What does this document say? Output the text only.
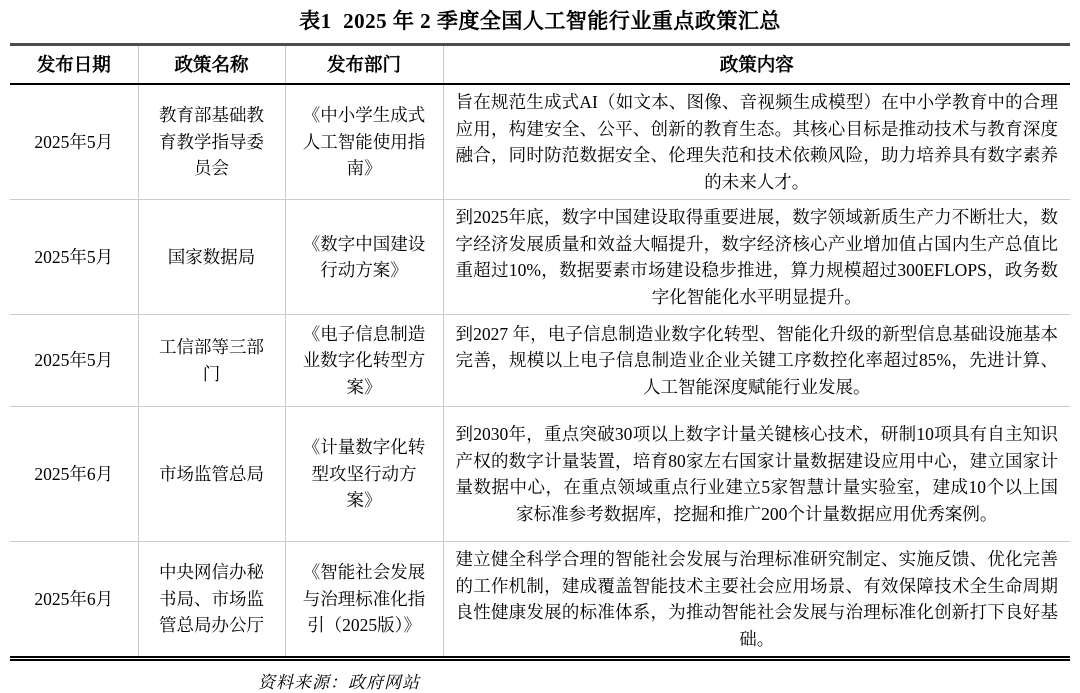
表1  2025 年 2 季度全国人工智能行业重点政策汇总
发布日期	政策名称	发布部门	政策内容
2025年5月	教育部基础教育教学指导委员会	《中小学生成式人工智能使用指南》	旨在规范生成式AI（如文本、图像、音视频生成模型）在中小学教育中的合理应用，构建安全、公平、创新的教育生态。其核心目标是推动技术与教育深度融合，同时防范数据安全、伦理失范和技术依赖风险，助力培养具有数字素养的未来人才。
2025年5月	国家数据局	《数字中国建设行动方案》	到2025年底，数字中国建设取得重要进展，数字领域新质生产力不断壮大，数字经济发展质量和效益大幅提升，数字经济核心产业增加值占国内生产总值比重超过10%，数据要素市场建设稳步推进，算力规模超过300EFLOPS，政务数字化智能化水平明显提升。
2025年5月	工信部等三部门	《电子信息制造业数字化转型方案》	到2027 年，电子信息制造业数字化转型、智能化升级的新型信息基础设施基本完善，规模以上电子信息制造业企业关键工序数控化率超过85%，先进计算、人工智能深度赋能行业发展。
2025年6月	市场监管总局	《计量数字化转型攻坚行动方案》	到2030年，重点突破30项以上数字计量关键核心技术，研制10项具有自主知识产权的数字计量装置，培育80家左右国家计量数据建设应用中心，建立国家计量数据中心，在重点领域重点行业建立5家智慧计量实验室，建成10个以上国家标准参考数据库，挖掘和推广200个计量数据应用优秀案例。
2025年6月	中央网信办秘书局、市场监管总局办公厅	《智能社会发展与治理标准化指引（2025版）》	建立健全科学合理的智能社会发展与治理标准研究制定、实施反馈、优化完善的工作机制，建成覆盖智能技术主要社会应用场景、有效保障技术全生命周期良性健康发展的标准体系，为推动智能社会发展与治理标准化创新打下良好基础。
资料来源：政府网站
